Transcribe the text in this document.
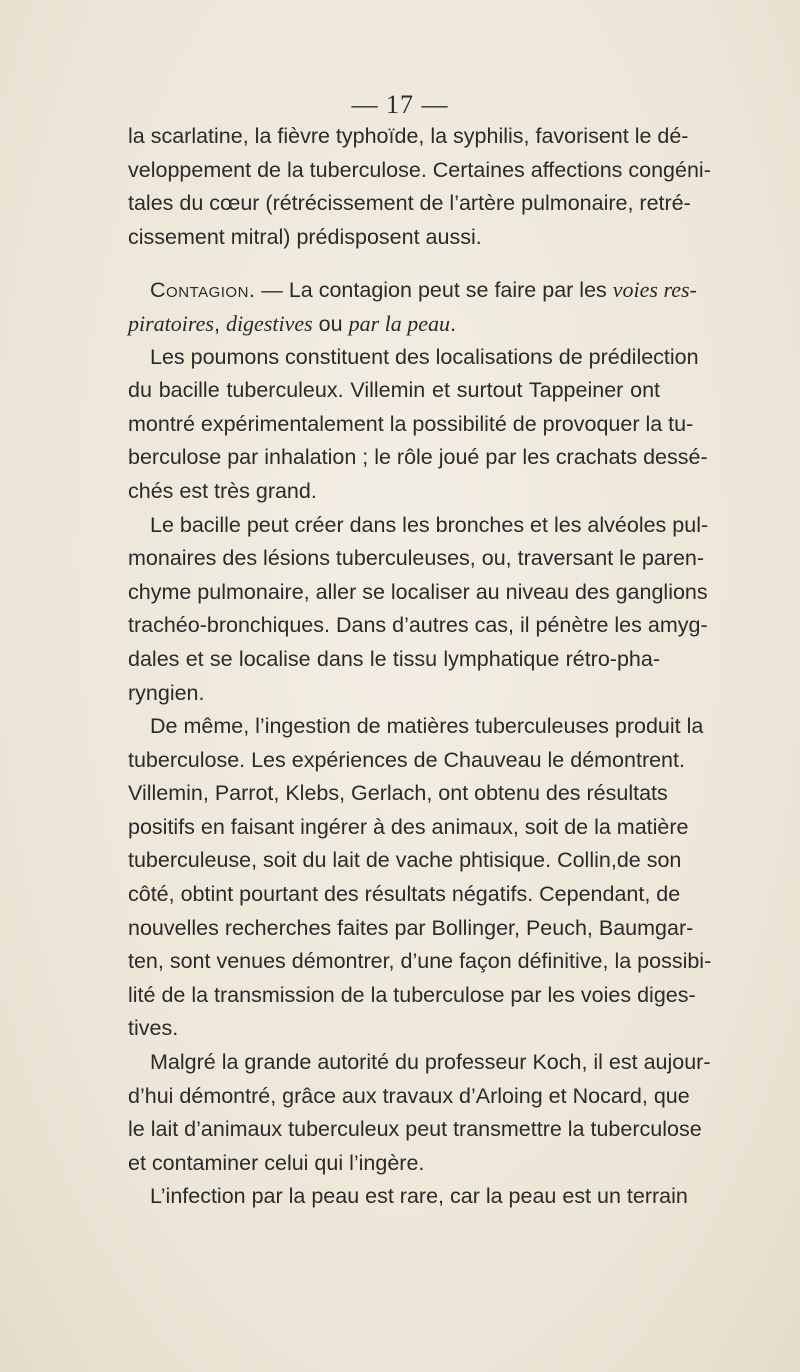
— 17 —
la scarlatine, la fièvre typhoïde, la syphilis, favorisent le dé-
veloppement de la tuberculose. Certaines affections congéni-
tales du cœur (rétrécissement de l’artère pulmonaire, retré-
cissement mitral) prédisposent aussi.
Contagion. — La contagion peut se faire par les voies res-
piratoires, digestives ou par la peau.
Les poumons constituent des localisations de prédilection
du bacille tuberculeux. Villemin et surtout Tappeiner ont
montré expérimentalement la possibilité de provoquer la tu-
berculose par inhalation ; le rôle joué par les crachats dessé-
chés est très grand.
Le bacille peut créer dans les bronches et les alvéoles pul-
monaires des lésions tuberculeuses, ou, traversant le paren-
chyme pulmonaire, aller se localiser au niveau des ganglions
trachéo-bronchiques. Dans d’autres cas, il pénètre les amyg-
dales et se localise dans le tissu lymphatique rétro-pha-
ryngien.
De même, l’ingestion de matières tuberculeuses produit la
tuberculose. Les expériences de Chauveau le démontrent.
Villemin, Parrot, Klebs, Gerlach, ont obtenu des résultats
positifs en faisant ingérer à des animaux, soit de la matière
tuberculeuse, soit du lait de vache phtisique. Collin,de son
côté, obtint pourtant des résultats négatifs. Cependant, de
nouvelles recherches faites par Bollinger, Peuch, Baumgar-
ten, sont venues démontrer, d’une façon définitive, la possibi-
lité de la transmission de la tuberculose par les voies diges-
tives.
Malgré la grande autorité du professeur Koch, il est aujour-
d’hui démontré, grâce aux travaux d’Arloing et Nocard, que
le lait d’animaux tuberculeux peut transmettre la tuberculose
et contaminer celui qui l’ingère.
L’infection par la peau est rare, car la peau est un terrain
